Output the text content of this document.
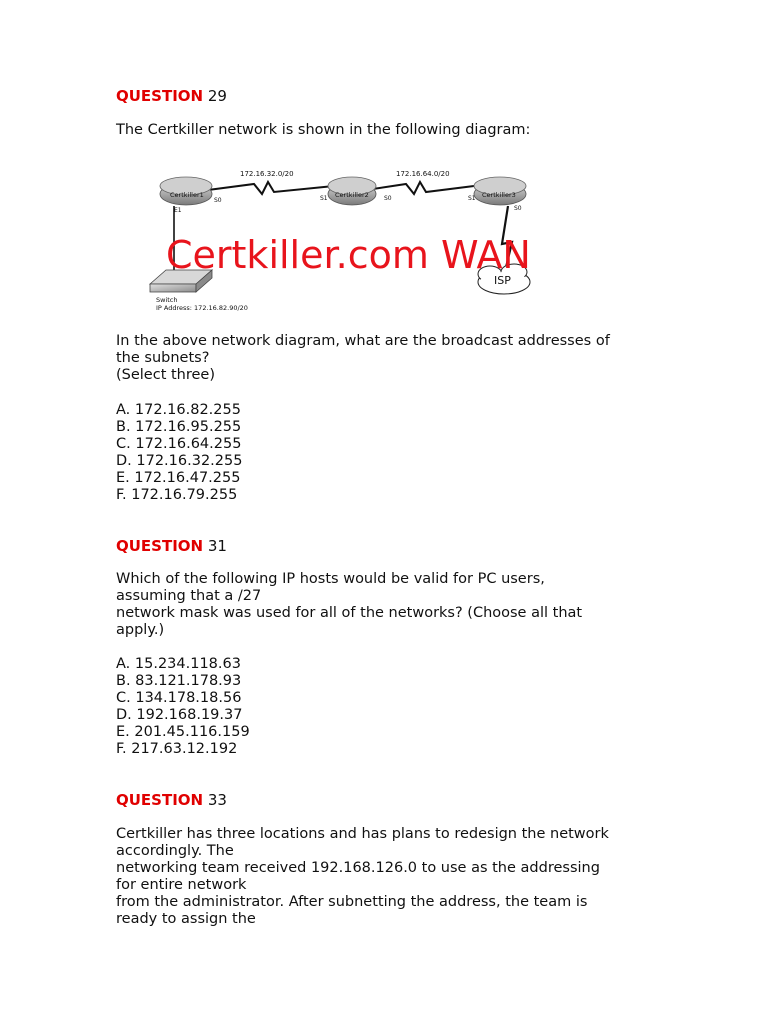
QUESTION 29

The Certkiller network is shown in the following diagram:

172.16.32.0/20	172.16.64.0/20
Certkiller1
E1
S0
Certkiller2
S1	S0	Certkiller3
S1
S0
ISP
Switch
IP Address: 172.16.82.90/20
Certkiller.com WAN

In the above network diagram, what are the broadcast addresses of

the subnets?

(Select three)

A. 172.16.82.255
B. 172.16.95.255
C. 172.16.64.255
D. 172.16.32.255
E. 172.16.47.255
F. 172.16.79.255

QUESTION 31

Which of the following IP hosts would be valid for PC users,

assuming that a /27

network mask was used for all of the networks? (Choose all that

apply.)

A. 15.234.118.63
B. 83.121.178.93
C. 134.178.18.56
D. 192.168.19.37
E. 201.45.116.159
F. 217.63.12.192

QUESTION 33

Certkiller has three locations and has plans to redesign the network

accordingly. The

networking team received 192.168.126.0 to use as the addressing

for entire network

from the administrator. After subnetting the address, the team is

ready to assign the
